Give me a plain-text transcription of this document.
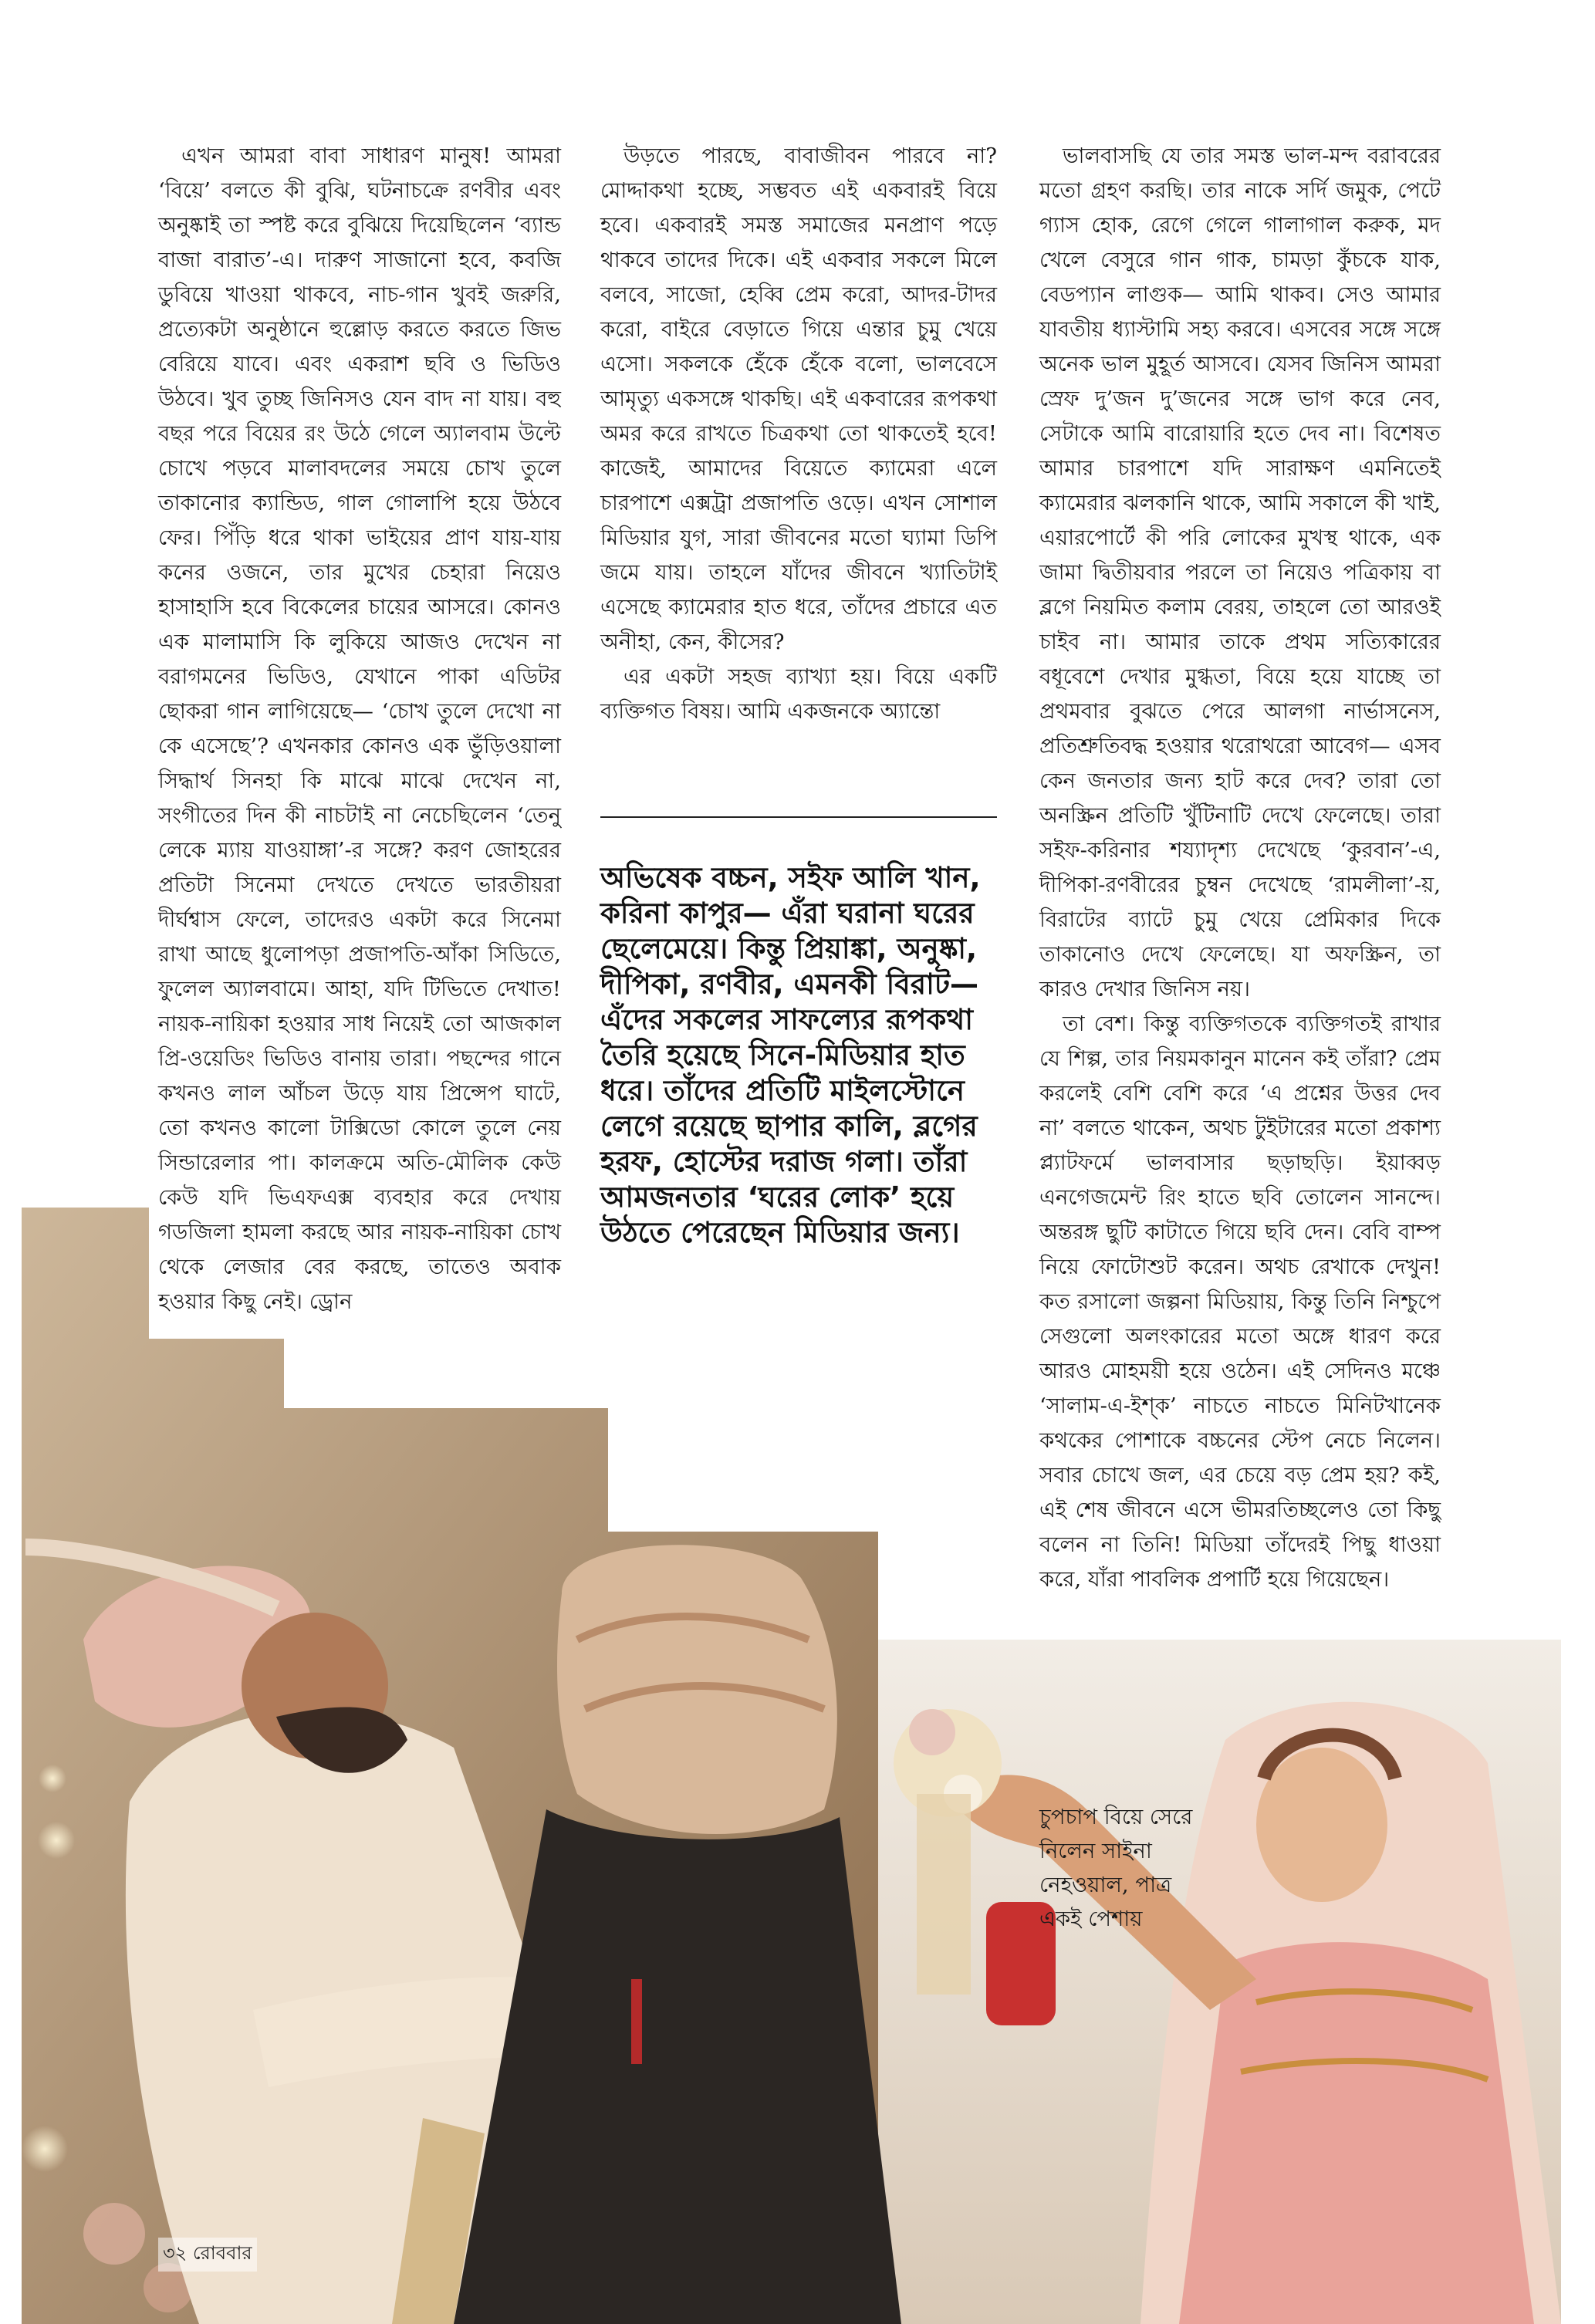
এখন আমরা বাবা সাধারণ মানুষ! আমরা ‘বিয়ে’ বলতে কী বুঝি, ঘটনাচক্রে রণবীর এবং অনুষ্কাই তা স্পষ্ট করে বুঝিয়ে দিয়েছিলেন ‘ব্যান্ড বাজা বারাত’-এ। দারুণ সাজানো হবে, কবজি ডুবিয়ে খাওয়া থাকবে, নাচ-গান খুবই জরুরি, প্রত্যেকটা অনুষ্ঠানে হুল্লোড় করতে করতে জিভ বেরিয়ে যাবে। এবং একরাশ ছবি ও ভিডিও উঠবে। খুব তুচ্ছ জিনিসও যেন বাদ না যায়। বহু বছর পরে বিয়ের রং উঠে গেলে অ্যালবাম উল্টে চোখে পড়বে মালাবদলের সময়ে চোখ তুলে তাকানোর ক্যান্ডিড, গাল গোলাপি হয়ে উঠবে ফের। পিঁড়ি ধরে থাকা ভাইয়ের প্রাণ যায়-যায় কনের ওজনে, তার মুখের চেহারা নিয়েও হাসাহাসি হবে বিকেলের চায়ের আসরে। কোনও এক মালামাসি কি লুকিয়ে আজও দেখেন না বরাগমনের ভিডিও, যেখানে পাকা এডিটর ছোকরা গান লাগিয়েছে— ‘চোখ তুলে দেখো না কে এসেছে’? এখনকার কোনও এক ভুঁড়িওয়ালা সিদ্ধার্থ সিনহা কি মাঝে মাঝে দেখেন না, সংগীতের দিন কী নাচটাই না নেচেছিলেন ‘তেনু লেকে ম্যায় যাওয়াঙ্গা’-র সঙ্গে? করণ জোহরের প্রতিটা সিনেমা দেখতে দেখতে ভারতীয়রা দীর্ঘশ্বাস ফেলে, তাদেরও একটা করে সিনেমা রাখা আছে ধুলোপড়া প্রজাপতি-আঁকা সিডিতে, ফুলেল অ্যালবামে। আহা, যদি টিভিতে দেখাত! নায়ক-নায়িকা হওয়ার সাধ নিয়েই তো আজকাল প্রি-ওয়েডিং ভিডিও বানায় তারা। পছন্দের গানে কখনও লাল আঁচল উড়ে যায় প্রিন্সেপ ঘাটে, তো কখনও কালো টাক্সিডো কোলে তুলে নেয় সিন্ডারেলার পা। কালক্রমে অতি-মৌলিক কেউ কেউ যদি ভিএফএক্স ব্যবহার করে দেখায় গডজিলা হামলা করছে আর নায়ক-নায়িকা চোখ থেকে লেজার বের করছে, তাতেও অবাক হওয়ার কিছু নেই। ড্রোন

উড়তে পারছে, বাবাজীবন পারবে না? মোদ্দাকথা হচ্ছে, সম্ভবত এই একবারই বিয়ে হবে। একবারই সমস্ত সমাজের মনপ্রাণ পড়ে থাকবে তাদের দিকে। এই একবার সকলে মিলে বলবে, সাজো, হেব্বি প্রেম করো, আদর-টাদর করো, বাইরে বেড়াতে গিয়ে এন্তার চুমু খেয়ে এসো। সকলকে হেঁকে হেঁকে বলো, ভালবেসে আমৃত্যু একসঙ্গে থাকছি। এই একবারের রূপকথা অমর করে রাখতে চিত্রকথা তো থাকতেই হবে! কাজেই, আমাদের বিয়েতে ক্যামেরা এলে চারপাশে এক্সট্রা প্রজাপতি ওড়ে। এখন সোশাল মিডিয়ার যুগ, সারা জীবনের মতো ঘ্যামা ডিপি জমে যায়। তাহলে যাঁদের জীবনে খ্যাতিটাই এসেছে ক্যামেরার হাত ধরে, তাঁদের প্রচারে এত অনীহা, কেন, কীসের?

এর একটা সহজ ব্যাখ্যা হয়। বিয়ে একটি ব্যক্তিগত বিষয়। আমি একজনকে অ্যান্তো

অভিষেক বচ্চন, সইফ আলি খান, করিনা কাপুর— এঁরা ঘরানা ঘরের ছেলেমেয়ে। কিন্তু প্রিয়াঙ্কা, অনুষ্কা, দীপিকা, রণবীর, এমনকী বিরাট— এঁদের সকলের সাফল্যের রূপকথা তৈরি হয়েছে সিনে-মিডিয়ার হাত ধরে। তাঁদের প্রতিটি মাইলস্টোনে লেগে রয়েছে ছাপার কালি, ব্লগের হরফ, হোস্টের দরাজ গলা। তাঁরা আমজনতার ‘ঘরের লোক’ হয়ে উঠতে পেরেছেন মিডিয়ার জন্য।

ভালবাসছি যে তার সমস্ত ভাল-মন্দ বরাবরের মতো গ্রহণ করছি। তার নাকে সর্দি জমুক, পেটে গ্যাস হোক, রেগে গেলে গালাগাল করুক, মদ খেলে বেসুরে গান গাক, চামড়া কুঁচকে যাক, বেডপ্যান লাগুক— আমি থাকব। সেও আমার যাবতীয় ধ্যাস্টামি সহ্য করবে। এসবের সঙ্গে সঙ্গে অনেক ভাল মুহূর্ত আসবে। যেসব জিনিস আমরা স্রেফ দু’জন দু’জনের সঙ্গে ভাগ করে নেব, সেটাকে আমি বারোয়ারি হতে দেব না। বিশেষত আমার চারপাশে যদি সারাক্ষণ এমনিতেই ক্যামেরার ঝলকানি থাকে, আমি সকালে কী খাই, এয়ারপোর্টে কী পরি লোকের মুখস্থ থাকে, এক জামা দ্বিতীয়বার পরলে তা নিয়েও পত্রিকায় বা ব্লগে নিয়মিত কলাম বেরয়, তাহলে তো আরওই চাইব না। আমার তাকে প্রথম সত্যিকারের বধূবেশে দেখার মুগ্ধতা, বিয়ে হয়ে যাচ্ছে তা প্রথমবার বুঝতে পেরে আলগা নার্ভাসনেস, প্রতিশ্রুতিবদ্ধ হওয়ার থরোথরো আবেগ— এসব কেন জনতার জন্য হাট করে দেব? তারা তো অনস্ক্রিন প্রতিটি খুঁটিনাটি দেখে ফেলেছে। তারা সইফ-করিনার শয্যাদৃশ্য দেখেছে ‘কুরবান’-এ, দীপিকা-রণবীরের চুম্বন দেখেছে ‘রামলীলা’-য়, বিরাটের ব্যাটে চুমু খেয়ে প্রেমিকার দিকে তাকানোও দেখে ফেলেছে। যা অফস্ক্রিন, তা কারও দেখার জিনিস নয়।

তা বেশ। কিন্তু ব্যক্তিগতকে ব্যক্তিগতই রাখার যে শিল্প, তার নিয়মকানুন মানেন কই তাঁরা? প্রেম করলেই বেশি বেশি করে ‘এ প্রশ্নের উত্তর দেব না’ বলতে থাকেন, অথচ টুইটারের মতো প্রকাশ্য প্ল্যাটফর্মে ভালবাসার ছড়াছড়ি। ইয়াব্বড় এনগেজমেন্ট রিং হাতে ছবি তোলেন সানন্দে। অন্তরঙ্গ ছুটি কাটাতে গিয়ে ছবি দেন। বেবি বাম্প নিয়ে ফোটোশুট করেন। অথচ রেখাকে দেখুন! কত রসালো জল্পনা মিডিয়ায়, কিন্তু তিনি নিশ্চুপে সেগুলো অলংকারের মতো অঙ্গে ধারণ করে আরও মোহময়ী হয়ে ওঠেন। এই সেদিনও মঞ্চে ‘সালাম-এ-ইশ্‌ক’ নাচতে নাচতে মিনিটখানেক কথকের পোশাকে বচ্চনের স্টেপ নেচে নিলেন। সবার চোখে জল, এর চেয়ে বড় প্রেম হয়? কই, এই শেষ জীবনে এসে ভীমরতিচ্ছলেও তো কিছু বলেন না তিনি! মিডিয়া তাঁদেরই পিছু ধাওয়া করে, যাঁরা পাবলিক প্রপার্টি হয়ে গিয়েছেন।

চুপচাপ বিয়ে সেরে
নিলেন সাইনা
নেহওয়াল, পাত্র
একই পেশায়
৩২ রোববার
